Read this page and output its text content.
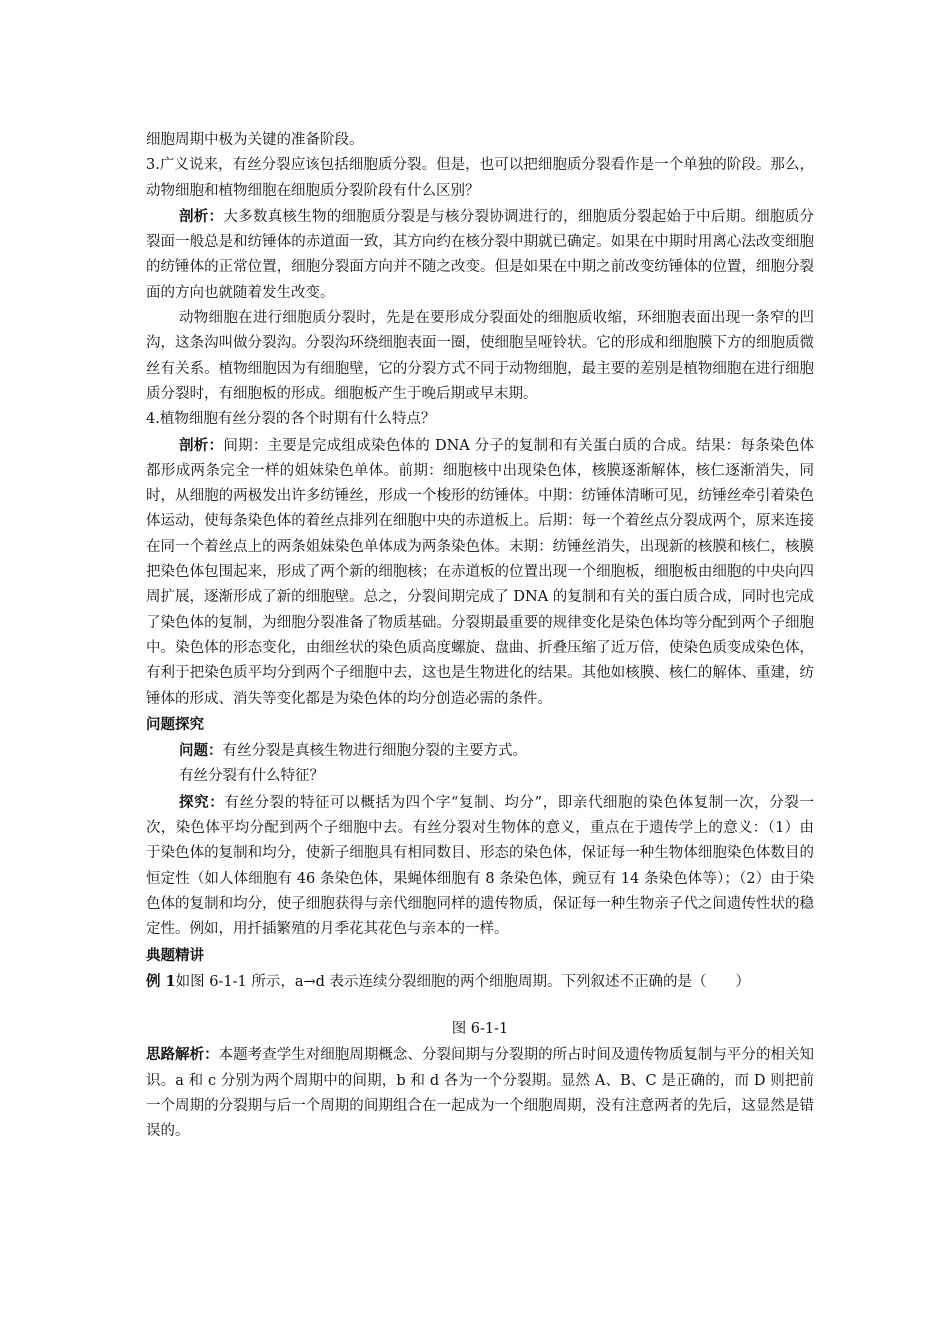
细胞周期中极为关键的准备阶段。

3.广义说来，有丝分裂应该包括细胞质分裂。但是，也可以把细胞质分裂看作是一个单独的阶段。那么，动物细胞和植物细胞在细胞质分裂阶段有什么区别？

剖析：大多数真核生物的细胞质分裂是与核分裂协调进行的，细胞质分裂起始于中后期。细胞质分裂面一般总是和纺锤体的赤道面一致，其方向约在核分裂中期就已确定。如果在中期时用离心法改变细胞的纺锤体的正常位置，细胞分裂面方向并不随之改变。但是如果在中期之前改变纺锤体的位置，细胞分裂面的方向也就随着发生改变。

动物细胞在进行细胞质分裂时，先是在要形成分裂面处的细胞质收缩，环细胞表面出现一条窄的凹沟，这条沟叫做分裂沟。分裂沟环绕细胞表面一圈，使细胞呈哑铃状。它的形成和细胞膜下方的细胞质微丝有关系。植物细胞因为有细胞壁，它的分裂方式不同于动物细胞，最主要的差别是植物细胞在进行细胞质分裂时，有细胞板的形成。细胞板产生于晚后期或早末期。

4.植物细胞有丝分裂的各个时期有什么特点？

剖析：间期：主要是完成组成染色体的 DNA 分子的复制和有关蛋白质的合成。结果：每条染色体都形成两条完全一样的姐妹染色单体。前期：细胞核中出现染色体，核膜逐渐解体，核仁逐渐消失，同时，从细胞的两极发出许多纺锤丝，形成一个梭形的纺锤体。中期：纺锤体清晰可见，纺锤丝牵引着染色体运动，使每条染色体的着丝点排列在细胞中央的赤道板上。后期：每一个着丝点分裂成两个，原来连接在同一个着丝点上的两条姐妹染色单体成为两条染色体。末期：纺锤丝消失，出现新的核膜和核仁，核膜把染色体包围起来，形成了两个新的细胞核；在赤道板的位置出现一个细胞板，细胞板由细胞的中央向四周扩展，逐渐形成了新的细胞壁。总之，分裂间期完成了 DNA 的复制和有关的蛋白质合成，同时也完成了染色体的复制，为细胞分裂准备了物质基础。分裂期最重要的规律变化是染色体均等分配到两个子细胞中。染色体的形态变化，由细丝状的染色质高度螺旋、盘曲、折叠压缩了近万倍，使染色质变成染色体，有利于把染色质平均分到两个子细胞中去，这也是生物进化的结果。其他如核膜、核仁的解体、重建，纺锤体的形成、消失等变化都是为染色体的均分创造必需的条件。

问题探究

问题：有丝分裂是真核生物进行细胞分裂的主要方式。

有丝分裂有什么特征？

探究：有丝分裂的特征可以概括为四个字“复制、均分”，即亲代细胞的染色体复制一次，分裂一次，染色体平均分配到两个子细胞中去。有丝分裂对生物体的意义，重点在于遗传学上的意义：（1）由于染色体的复制和均分，使新子细胞具有相同数目、形态的染色体，保证每一种生物体细胞染色体数目的恒定性（如人体细胞有 46 条染色体，果蝇体细胞有 8 条染色体，豌豆有 14 条染色体等）；（2）由于染色体的复制和均分，使子细胞获得与亲代细胞同样的遗传物质，保证每一种生物亲子代之间遗传性状的稳定性。例如，用扦插繁殖的月季花其花色与亲本的一样。

典题精讲

例 1如图 6-1-1 所示，a→d 表示连续分裂细胞的两个细胞周期。下列叙述不正确的是（　　）

图 6-1-1

思路解析：本题考查学生对细胞周期概念、分裂间期与分裂期的所占时间及遗传物质复制与平分的相关知识。a 和 c 分别为两个周期中的间期，b 和 d 各为一个分裂期。显然 A、B、C 是正确的，而 D 则把前一个周期的分裂期与后一个周期的间期组合在一起成为一个细胞周期，没有注意两者的先后，这显然是错误的。
